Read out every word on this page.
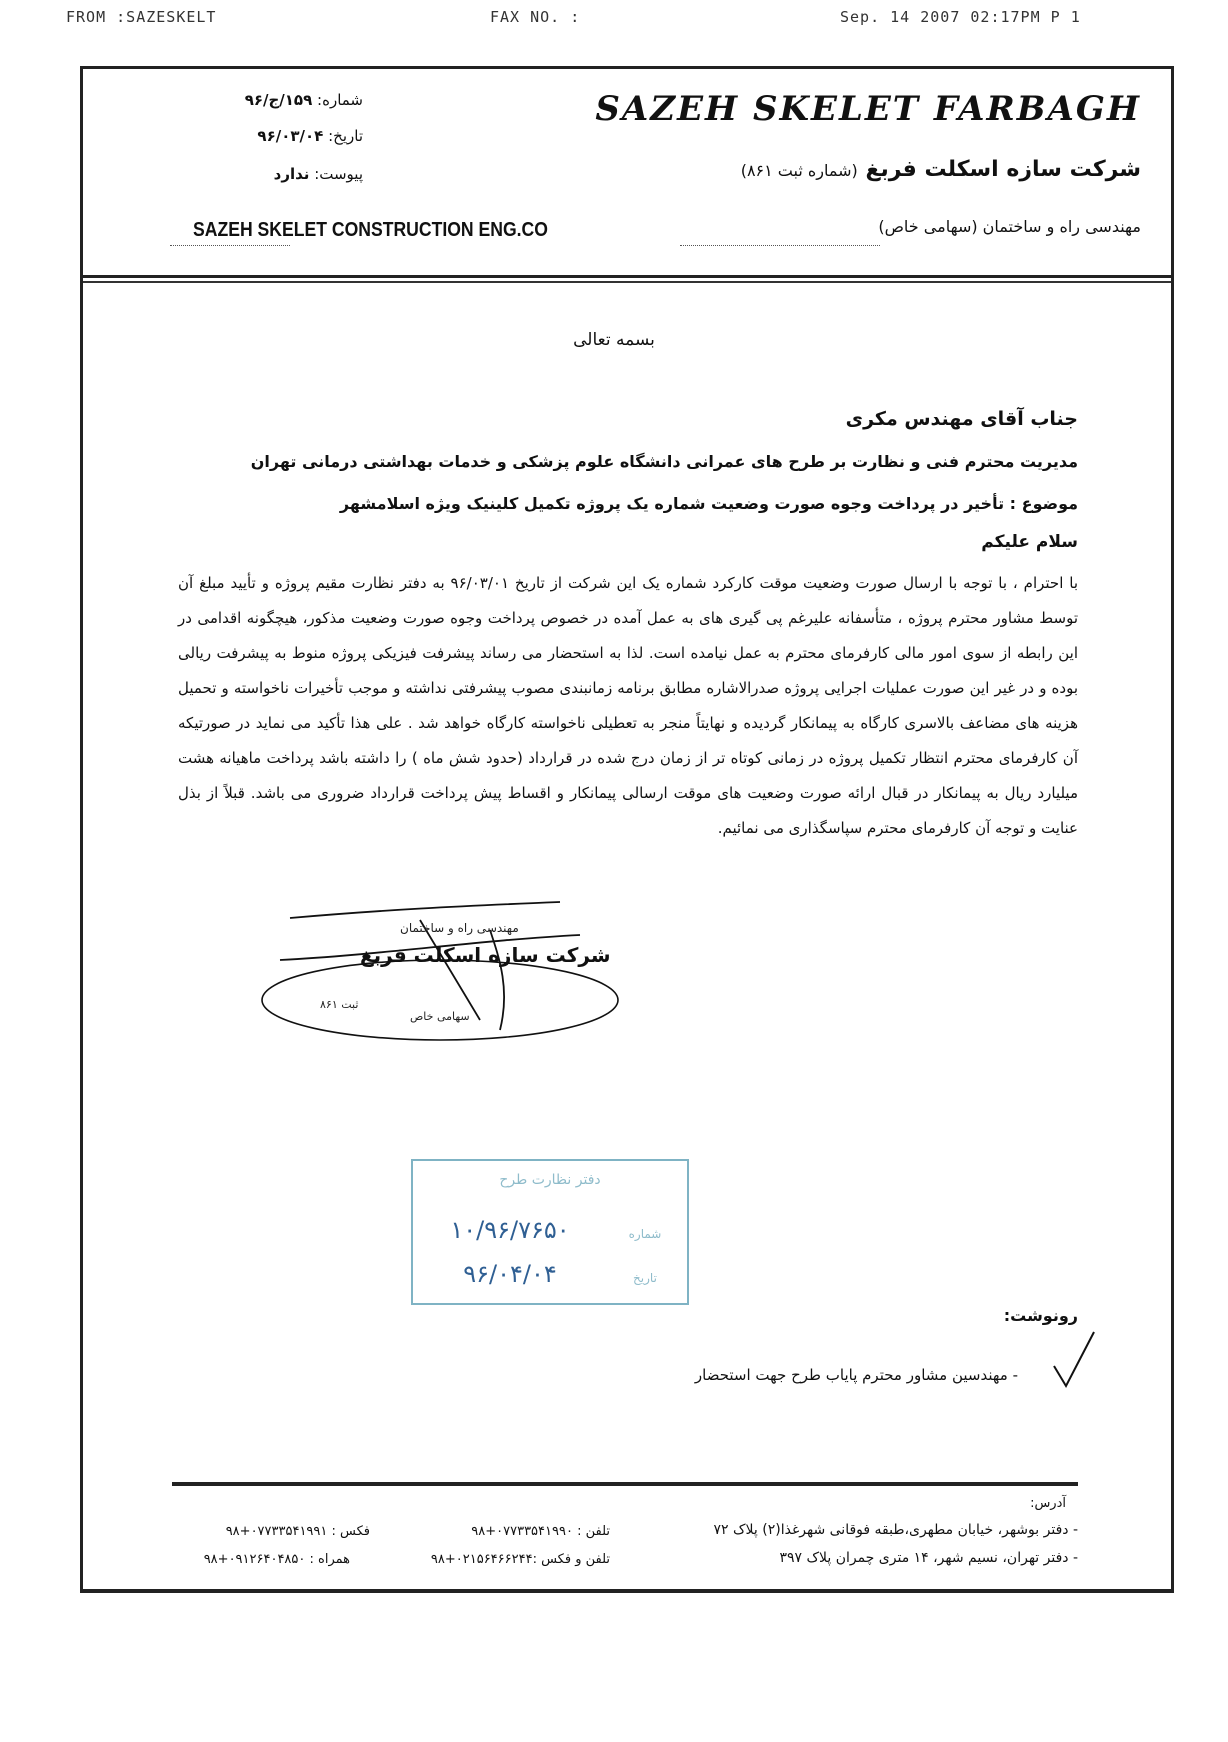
FROM :SAZESKELT	FAX NO. :	Sep. 14 2007 02:17PM P 1
SAZEH SKELET FARBAGH
شرکت سازه اسکلت فربغ (شماره ثبت ۸۶۱)
مهندسی راه و ساختمان (سهامی خاص)
SAZEH SKELET CONSTRUCTION ENG.CO
شماره: ۱۵۹/ج/۹۶
تاریخ: ۹۶/۰۳/۰۴
پیوست: ندارد
بسمه تعالی
جناب آقای مهندس مکری
مدیریت محترم فنی و نظارت بر طرح های عمرانی دانشگاه علوم پزشکی و خدمات بهداشتی درمانی تهران
موضوع : تأخیر در پرداخت وجوه صورت وضعیت شماره یک پروژه تکمیل کلینیک ویژه اسلامشهر
سلام علیکم

با احترام ، با توجه با ارسال صورت وضعیت موقت کارکرد شماره یک این شرکت از تاریخ ۹۶/۰۳/۰۱ به دفتر نظارت مقیم پروژه و تأیید مبلغ آن توسط مشاور محترم پروژه ، متأسفانه علیرغم پی گیری های به عمل آمده در خصوص پرداخت وجوه صورت وضعیت مذکور، هیچگونه اقدامی در این رابطه از سوی امور مالی کارفرمای محترم به عمل نیامده است. لذا به استحضار می رساند پیشرفت فیزیکی پروژه منوط به پیشرفت ریالی بوده و در غیر این صورت عملیات اجرایی پروژه صدرالاشاره مطابق برنامه زمانبندی مصوب پیشرفتی نداشته و موجب تأخیرات ناخواسته و تحمیل هزینه های مضاعف بالاسری کارگاه به پیمانکار گردیده و نهایتاً منجر به تعطیلی ناخواسته کارگاه خواهد شد . علی هذا تأکید می نماید در صورتیکه آن کارفرمای محترم انتظار تکمیل پروژه در زمانی کوتاه تر از زمان درج شده در قرارداد (حدود شش ماه ) را داشته باشد پرداخت ماهیانه هشت میلیارد ریال به پیمانکار در قبال ارائه صورت وضعیت های موقت ارسالی پیمانکار و اقساط پیش پرداخت قرارداد ضروری می باشد. قبلاً از بذل عنایت و توجه آن کارفرمای محترم سپاسگذاری می نمائیم.

مهندسی راه و ساختمان
شرکت سازه اسکلت فربغ
سهامی خاص
ثبت ۸۶۱
دفتر نظارت طرح
۱۰/۹۶/۷۶۵۰
۹۶/۰۴/۰۴
شماره
تاریخ
رونوشت:
- مهندسین مشاور محترم پایاب طرح جهت استحضار
آدرس:
- دفتر بوشهر، خیابان مطهری،طبقه فوقانی شهرغذا(۲) پلاک ۷۲
- دفتر تهران، نسیم شهر، ۱۴ متری چمران پلاک ۳۹۷
تلفن : ۰۷۷۳۳۵۴۱۹۹۰+۹۸
فکس : ۰۷۷۳۳۵۴۱۹۹۱+۹۸
تلفن و فکس :۰۲۱۵۶۴۶۶۲۴۴+۹۸
همراه : ۰۹۱۲۶۴۰۴۸۵۰+۹۸
